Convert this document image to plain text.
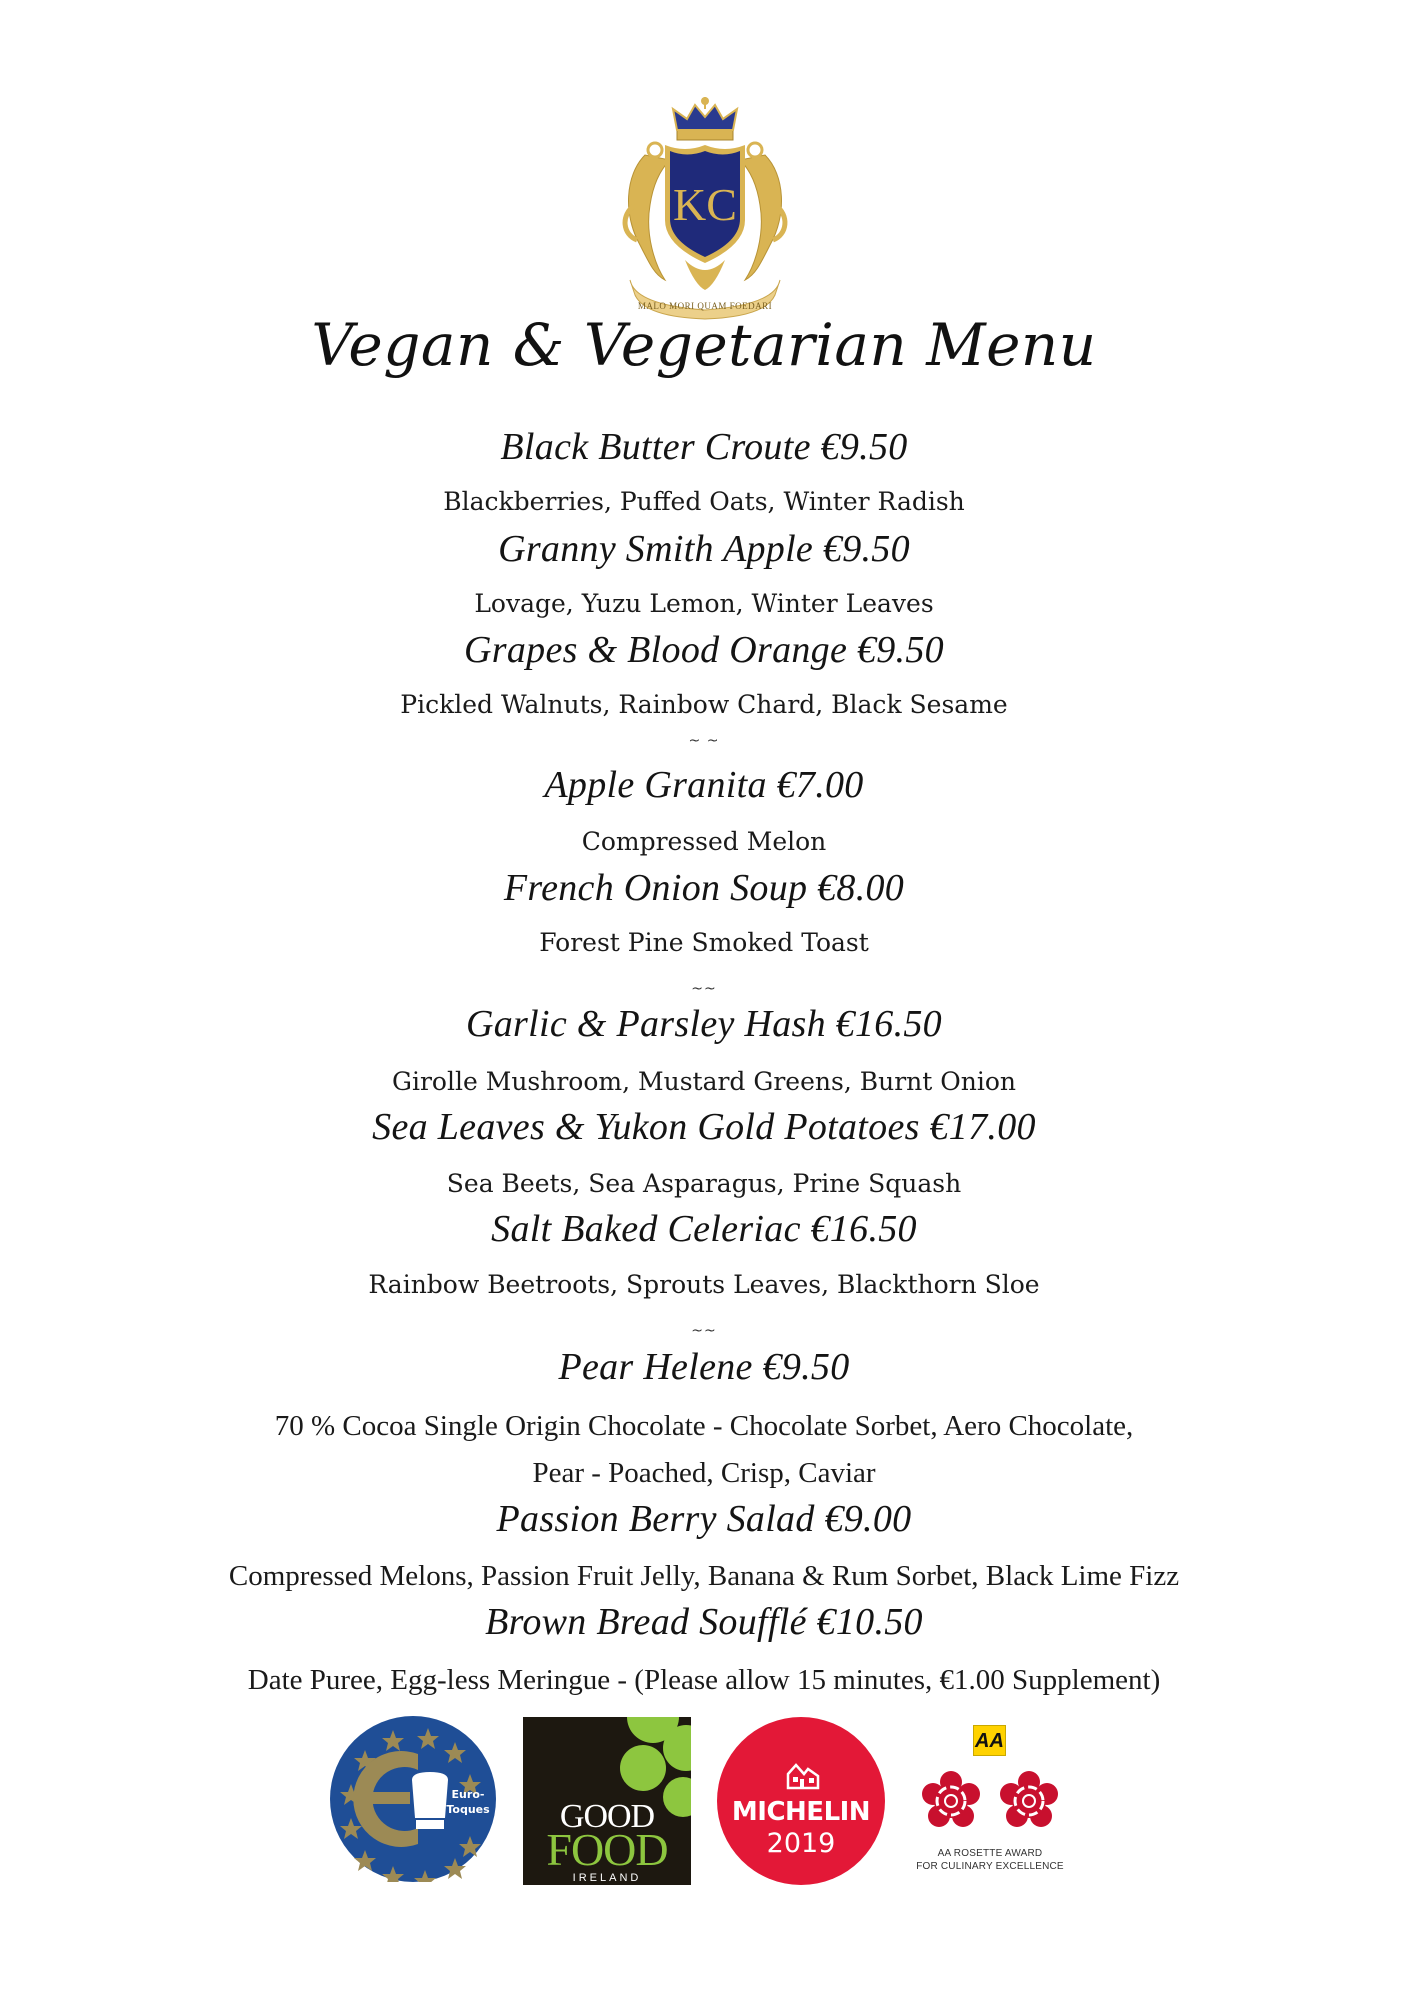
KC
MALO MORI QUAM FOEDARI
Vegan & Vegetarian Menu
Black Butter Croute €9.50
Blackberries, Puffed Oats, Winter Radish
Granny Smith Apple €9.50
Lovage, Yuzu Lemon, Winter Leaves
Grapes & Blood Orange €9.50
Pickled Walnuts, Rainbow Chard, Black Sesame
~ ~
Apple Granita €7.00
Compressed Melon
French Onion Soup €8.00
Forest Pine Smoked Toast
~~
Garlic & Parsley Hash €16.50
Girolle Mushroom, Mustard Greens, Burnt Onion
Sea Leaves & Yukon Gold Potatoes €17.00
Sea Beets, Sea Asparagus, Prine Squash
Salt Baked Celeriac €16.50
Rainbow Beetroots, Sprouts Leaves, Blackthorn Sloe
~~
Pear Helene €9.50
70 % Cocoa Single Origin Chocolate - Chocolate Sorbet, Aero Chocolate,
Pear - Poached, Crisp, Caviar
Passion Berry Salad €9.00
Compressed Melons, Passion Fruit Jelly, Banana & Rum Sorbet, Black Lime Fizz
Brown Bread Soufflé €10.50
Date Puree, Egg-less Meringue - (Please allow 15 minutes, €1.00 Supplement)
Euro-
Toques	GOOD
FOOD
IRELAND
MICHELIN
2019
AA
AA ROSETTE AWARD
FOR CULINARY EXCELLENCE
